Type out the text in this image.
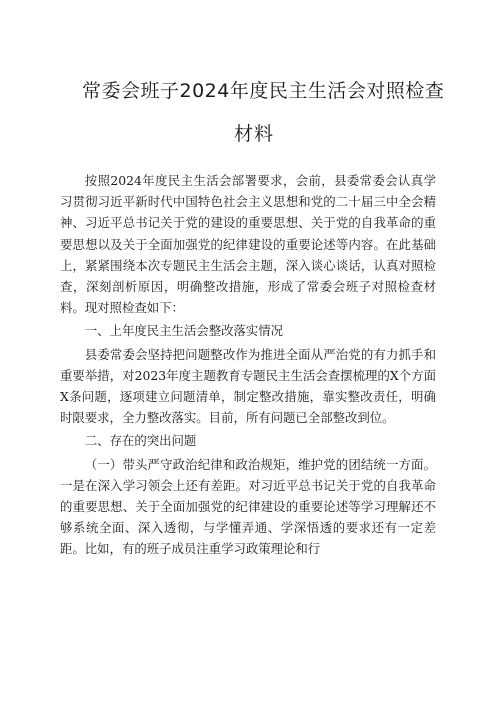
常委会班子2024年度民主生活会对照检查
材料

按照2024年度民主生活会部署要求，会前，县委常委会认真学习贯彻习近平新时代中国特色社会主义思想和党的二十届三中全会精神、习近平总书记关于党的建设的重要思想、关于党的自我革命的重要思想以及关于全面加强党的纪律建设的重要论述等内容。在此基础上，紧紧围绕本次专题民主生活会主题，深入谈心谈话，认真对照检查，深刻剖析原因，明确整改措施，形成了常委会班子对照检查材料。现对照检查如下：

一、上年度民主生活会整改落实情况

县委常委会坚持把问题整改作为推进全面从严治党的有力抓手和重要举措，对2023年度主题教育专题民主生活会查摆梳理的X个方面X条问题，逐项建立问题清单，制定整改措施，靠实整改责任，明确时限要求，全力整改落实。目前，所有问题已全部整改到位。

二、存在的突出问题

（一）带头严守政治纪律和政治规矩，维护党的团结统一方面。一是在深入学习领会上还有差距。对习近平总书记关于党的自我革命的重要思想、关于全面加强党的纪律建设的重要论述等学习理解还不够系统全面、深入透彻，与学懂弄通、学深悟透的要求还有一定差距。比如，有的班子成员注重学习政策理论和行
